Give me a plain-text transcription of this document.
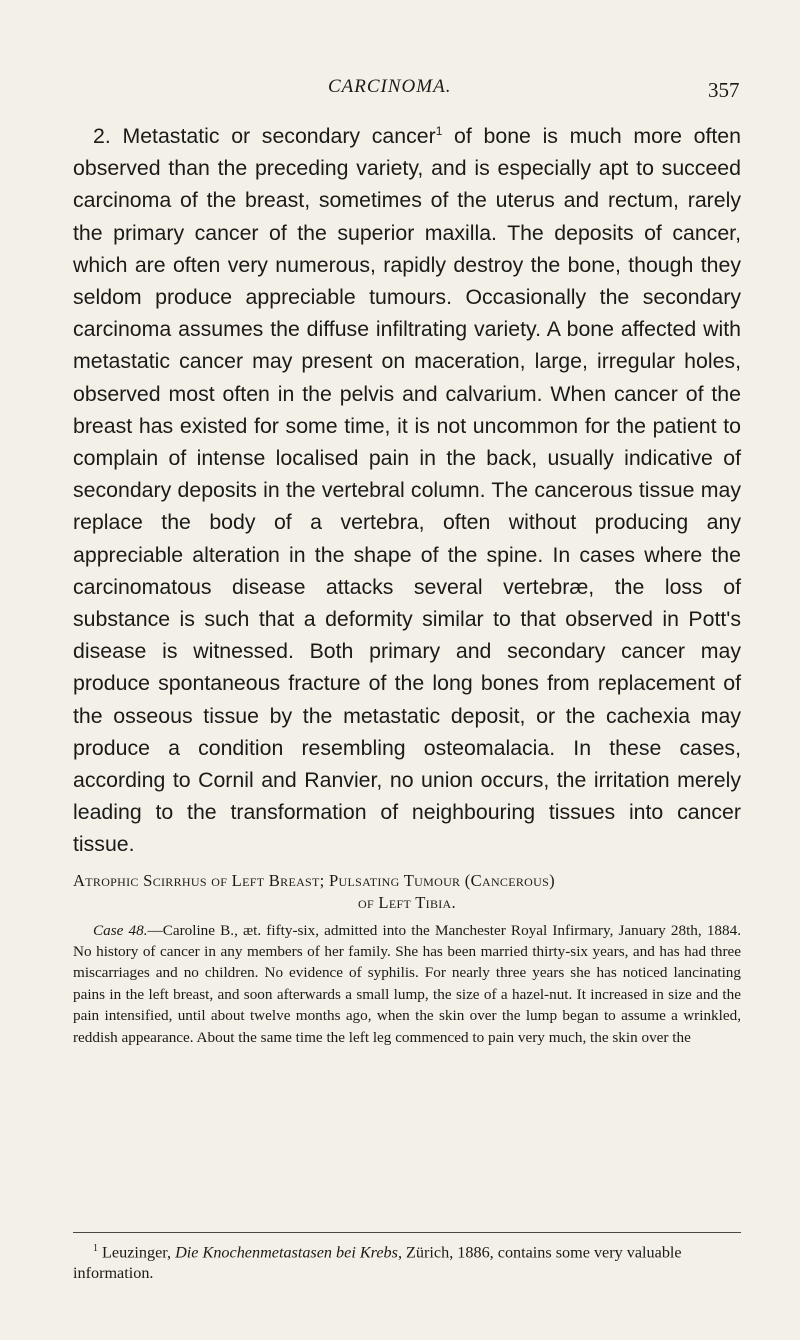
CARCINOMA.	357

2. Metastatic or secondary cancer$^1$ of bone is much more often observed than the preceding variety, and is especially apt to succeed carcinoma of the breast, sometimes of the uterus and rectum, rarely the primary cancer of the superior maxilla. The deposits of cancer, which are often very numerous, rapidly destroy the bone, though they seldom produce appreciable tumours. Occasionally the secondary carcinoma assumes the diffuse infiltrating variety. A bone affected with metastatic cancer may present on maceration, large, irregular holes, observed most often in the pelvis and calvarium. When cancer of the breast has existed for some time, it is not uncommon for the patient to complain of intense localised pain in the back, usually indicative of secondary deposits in the vertebral column. The cancerous tissue may replace the body of a vertebra, often without producing any appreciable alteration in the shape of the spine. In cases where the carcinomatous disease attacks several vertebræ, the loss of substance is such that a deformity similar to that observed in Pott's disease is witnessed. Both primary and secondary cancer may produce spontaneous fracture of the long bones from replacement of the osseous tissue by the metastatic deposit, or the cachexia may produce a condition resembling osteomalacia. In these cases, according to Cornil and Ranvier, no union occurs, the irritation merely leading to the transformation of neighbouring tissues into cancer tissue.

Atrophic Scirrhus of Left Breast; Pulsating Tumour (Cancerous)
of Left Tibia.

Case 48.—Caroline B., æt. fifty-six, admitted into the Manchester Royal Infirmary, January 28th, 1884. No history of cancer in any members of her family. She has been married thirty-six years, and has had three miscarriages and no children. No evidence of syphilis. For nearly three years she has noticed lancinating pains in the left breast, and soon afterwards a small lump, the size of a hazel-nut. It increased in size and the pain intensified, until about twelve months ago, when the skin over the lump began to assume a wrinkled, reddish appearance. About the same time the left leg commenced to pain very much, the skin over the

$^1$ Leuzinger, Die Knochenmetastasen bei Krebs, Zürich, 1886, contains some very valuable information.
